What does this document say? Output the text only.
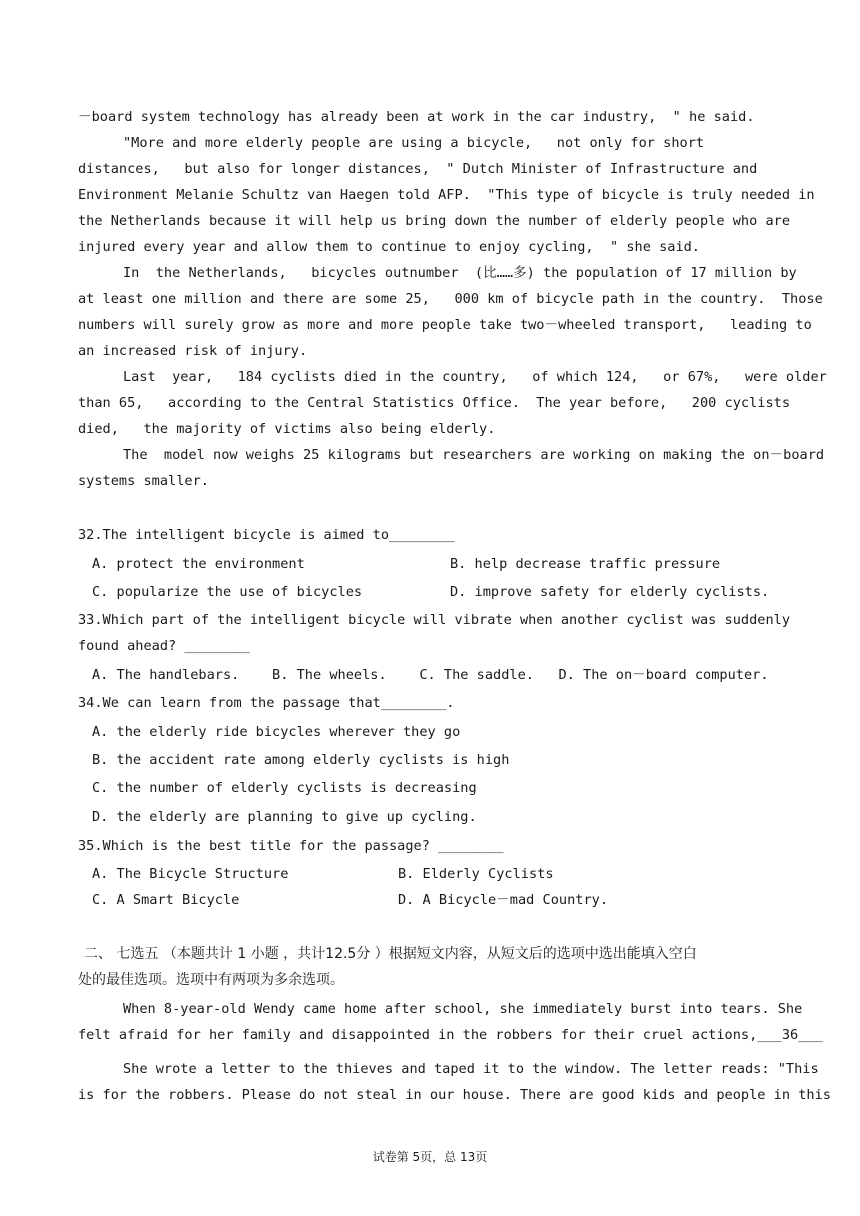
－board system technology has already been at work in the car industry,  " he said.
"More and more elderly people are using a bicycle,   not only for short
distances,   but also for longer distances,  " Dutch Minister of Infrastructure and
Environment Melanie Schultz van Haegen told AFP.  "This type of bicycle is truly needed in
the Netherlands because it will help us bring down the number of elderly people who are
injured every year and allow them to continue to enjoy cycling,  " she said.
In  the Netherlands,   bicycles outnumber  (比……多) the population of 17 million by
at least one million and there are some 25,   000 km of bicycle path in the country.  Those
numbers will surely grow as more and more people take two－wheeled transport,   leading to
an increased risk of injury.
Last  year,   184 cyclists died in the country,   of which 124,   or 67%,   were older
than 65,   according to the Central Statistics Office.  The year before,   200 cyclists
died,   the majority of victims also being elderly.
The  model now weighs 25 kilograms but researchers are working on making the on－board
systems smaller.
32.The intelligent bicycle is aimed to________
A. protect the environment	B. help decrease traffic pressure
C. popularize the use of bicycles	D. improve safety for elderly cyclists.
33.Which part of the intelligent bicycle will vibrate when another cyclist was suddenly
found ahead? ________
A. The handlebars.    B. The wheels.    C. The saddle.   D. The on－board computer.
34.We can learn from the passage that________.
A. the elderly ride bicycles wherever they go
B. the accident rate among elderly cyclists is high
C. the number of elderly cyclists is decreasing
D. the elderly are planning to give up cycling.
35.Which is the best title for the passage? ________
A. The Bicycle Structure	B. Elderly Cyclists
C. A Smart Bicycle	D. A Bicycle－mad Country.
二、 七选五 （本题共计 1 小题 ，共计12.5分 ）根据短文内容，从短文后的选项中选出能填入空白
处的最佳选项。选项中有两项为多余选项。
When 8-year-old Wendy came home after school, she immediately burst into tears. She
felt afraid for her family and disappointed in the robbers for their cruel actions,___36___
She wrote a letter to the thieves and taped it to the window. The letter reads: "This
is for the robbers. Please do not steal in our house. There are good kids and people in this
试卷第 5页，总 13页
